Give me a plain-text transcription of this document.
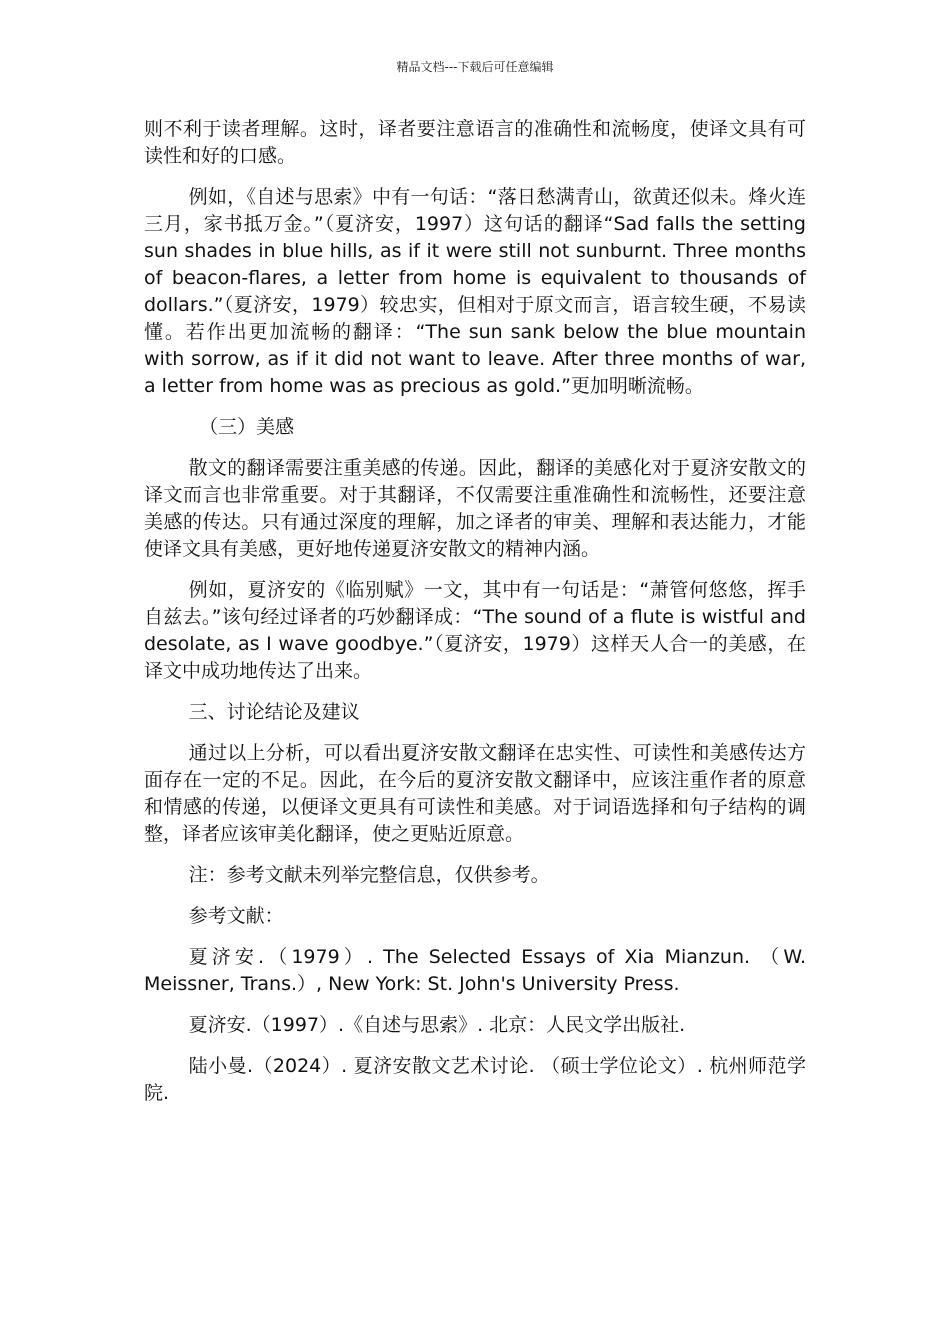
精品文档---下载后可任意编辑

则不利于读者理解。这时，译者要注意语言的准确性和流畅度，使译文具有可读性和好的口感。

例如，《自述与思索》中有一句话：“落日愁满青山，欲黄还似未。烽火连三月，家书抵万金。”（夏济安，1997）这句话的翻译“Sad falls the setting sun shades in blue hills, as if it were still not sunburnt. Three months of beacon-flares, a letter from home is equivalent to thousands of dollars.”（夏济安，1979）较忠实，但相对于原文而言，语言较生硬，不易读懂。若作出更加流畅的翻译：“The sun sank below the blue mountain with sorrow, as if it did not want to leave. After three months of war, a letter from home was as precious as gold.”更加明晰流畅。

（三）美感

散文的翻译需要注重美感的传递。因此，翻译的美感化对于夏济安散文的译文而言也非常重要。对于其翻译，不仅需要注重准确性和流畅性，还要注意美感的传达。只有通过深度的理解，加之译者的审美、理解和表达能力，才能使译文具有美感，更好地传递夏济安散文的精神内涵。

例如，夏济安的《临别赋》一文，其中有一句话是：“萧管何悠悠，挥手自兹去。”该句经过译者的巧妙翻译成：“The sound of a flute is wistful and desolate, as I wave goodbye.”（夏济安，1979）这样天人合一的美感，在译文中成功地传达了出来。

三、讨论结论及建议

通过以上分析，可以看出夏济安散文翻译在忠实性、可读性和美感传达方面存在一定的不足。因此，在今后的夏济安散文翻译中，应该注重作者的原意和情感的传递，以便译文更具有可读性和美感。对于词语选择和句子结构的调整，译者应该审美化翻译，使之更贴近原意。

注：参考文献未列举完整信息，仅供参考。

参考文献：

夏济安.（1979）. The Selected Essays of Xia Mianzun. （W. Meissner, Trans.）, New York: St. John's University Press.

夏济安.（1997）.《自述与思索》. 北京：人民文学出版社.

陆小曼.（2024）. 夏济安散文艺术讨论. （硕士学位论文）. 杭州师范学院.
